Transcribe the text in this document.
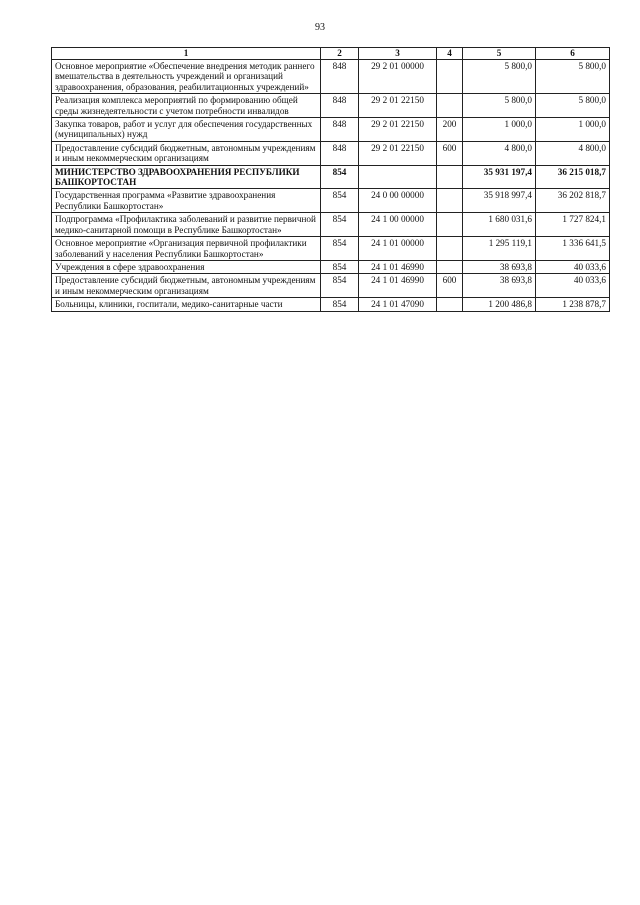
93
1	2	3	4	5	6
Основное мероприятие «Обеспечение внедрения методик раннего вмешательства в деятельность учреждений и организаций здравоохранения, образования, реабилитационных учреждений»	848	29 2 01 00000		5 800,0	5 800,0
Реализация комплекса мероприятий по формированию общей среды жизнедеятельности с учетом потребности инвалидов	848	29 2 01 22150		5 800,0	5 800,0
Закупка товаров, работ и услуг для обеспечения государственных (муниципальных) нужд	848	29 2 01 22150	200	1 000,0	1 000,0
Предоставление субсидий бюджетным, автономным учреждениям и иным некоммерческим организациям	848	29 2 01 22150	600	4 800,0	4 800,0
МИНИСТЕРСТВО ЗДРАВООХРАНЕНИЯ РЕСПУБЛИКИ БАШКОРТОСТАН	854			35 931 197,4	36 215 018,7
Государственная программа «Развитие здравоохранения Республики Башкортостан»	854	24 0 00 00000		35 918 997,4	36 202 818,7
Подпрограмма «Профилактика заболеваний и развитие первичной медико-санитарной помощи в Республике Башкортостан»	854	24 1 00 00000		1 680 031,6	1 727 824,1
Основное мероприятие «Организация первичной профилактики заболеваний у населения Республики Башкортостан»	854	24 1 01 00000		1 295 119,1	1 336 641,5
Учреждения в сфере здравоохранения	854	24 1 01 46990		38 693,8	40 033,6
Предоставление субсидий бюджетным, автономным учреждениям и иным некоммерческим организациям	854	24 1 01 46990	600	38 693,8	40 033,6
Больницы, клиники, госпитали, медико-санитарные части	854	24 1 01 47090		1 200 486,8	1 238 878,7
